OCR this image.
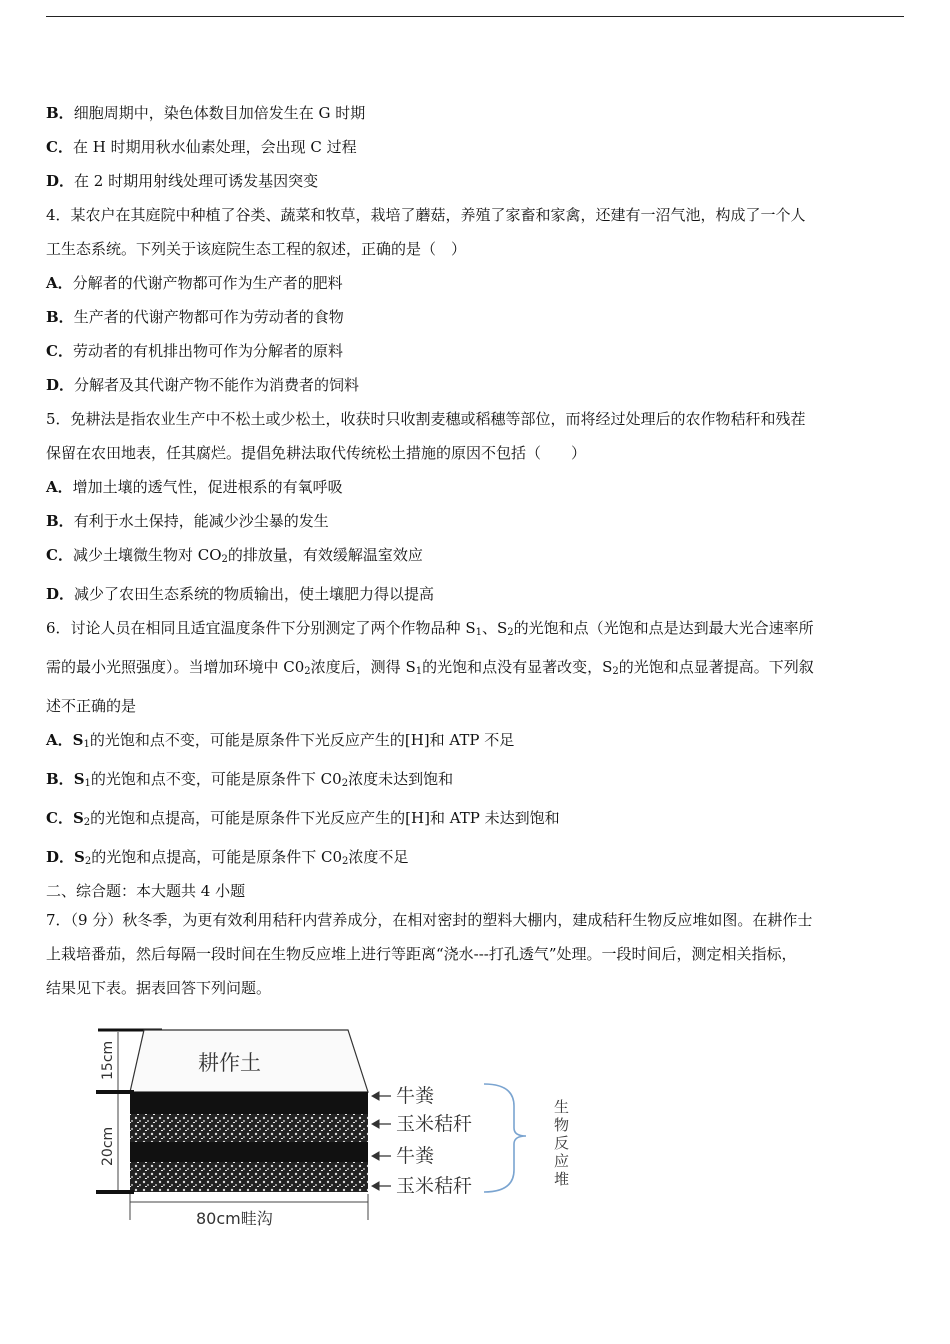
B．细胞周期中，染色体数目加倍发生在 G 时期

C．在 H 时期用秋水仙素处理，会出现 C 过程

D．在 2 时期用射线处理可诱发基因突变

4．某农户在其庭院中种植了谷类、蔬菜和牧草，栽培了蘑菇，养殖了家畜和家禽，还建有一沼气池，构成了一个人

工生态系统。下列关于该庭院生态工程的叙述，正确的是（　）

A．分解者的代谢产物都可作为生产者的肥料

B．生产者的代谢产物都可作为劳动者的食物

C．劳动者的有机排出物可作为分解者的原料

D．分解者及其代谢产物不能作为消费者的饲料

5．免耕法是指农业生产中不松土或少松土，收获时只收割麦穗或稻穗等部位，而将经过处理后的农作物秸秆和残茬

保留在农田地表，任其腐烂。提倡免耕法取代传统松土措施的原因不包括（　　）

A．增加土壤的透气性，促进根系的有氧呼吸

B．有利于水土保持，能减少沙尘暴的发生

C．减少土壤微生物对 $CO_2$的排放量，有效缓解温室效应

D．减少了农田生态系统的物质输出，使土壤肥力得以提高

6．讨论人员在相同且适宜温度条件下分别测定了两个作物品种 $S_1$、$S_2$的光饱和点（光饱和点是达到最大光合速率所

需的最小光照强度）。当增加环境中 $C0_2$浓度后，测得 $S_1$的光饱和点没有显著改变，$S_2$的光饱和点显著提高。下列叙

述不正确的是

A．$S_1$的光饱和点不变，可能是原条件下光反应产生的[H]和 ATP 不足

B．$S_1$的光饱和点不变，可能是原条件下 $C0_2$浓度未达到饱和

C．$S_2$的光饱和点提高，可能是原条件下光反应产生的[H]和 ATP 未达到饱和

D．$S_2$的光饱和点提高，可能是原条件下 $C0_2$浓度不足

二、综合题：本大题共 4 小题

7．（9 分）秋冬季，为更有效利用秸秆内营养成分，在相对密封的塑料大棚内，建成秸秆生物反应堆如图。在耕作士

上栽培番茄，然后每隔一段时间在生物反应堆上进行等距离“浇水---打孔透气”处理。一段时间后，测定相关指标，

结果见下表。据表回答下列问题。

耕作土
15cm
20cm
80cm畦沟
牛粪
玉米秸秆
牛粪
玉米秸秆
生物反应堆
